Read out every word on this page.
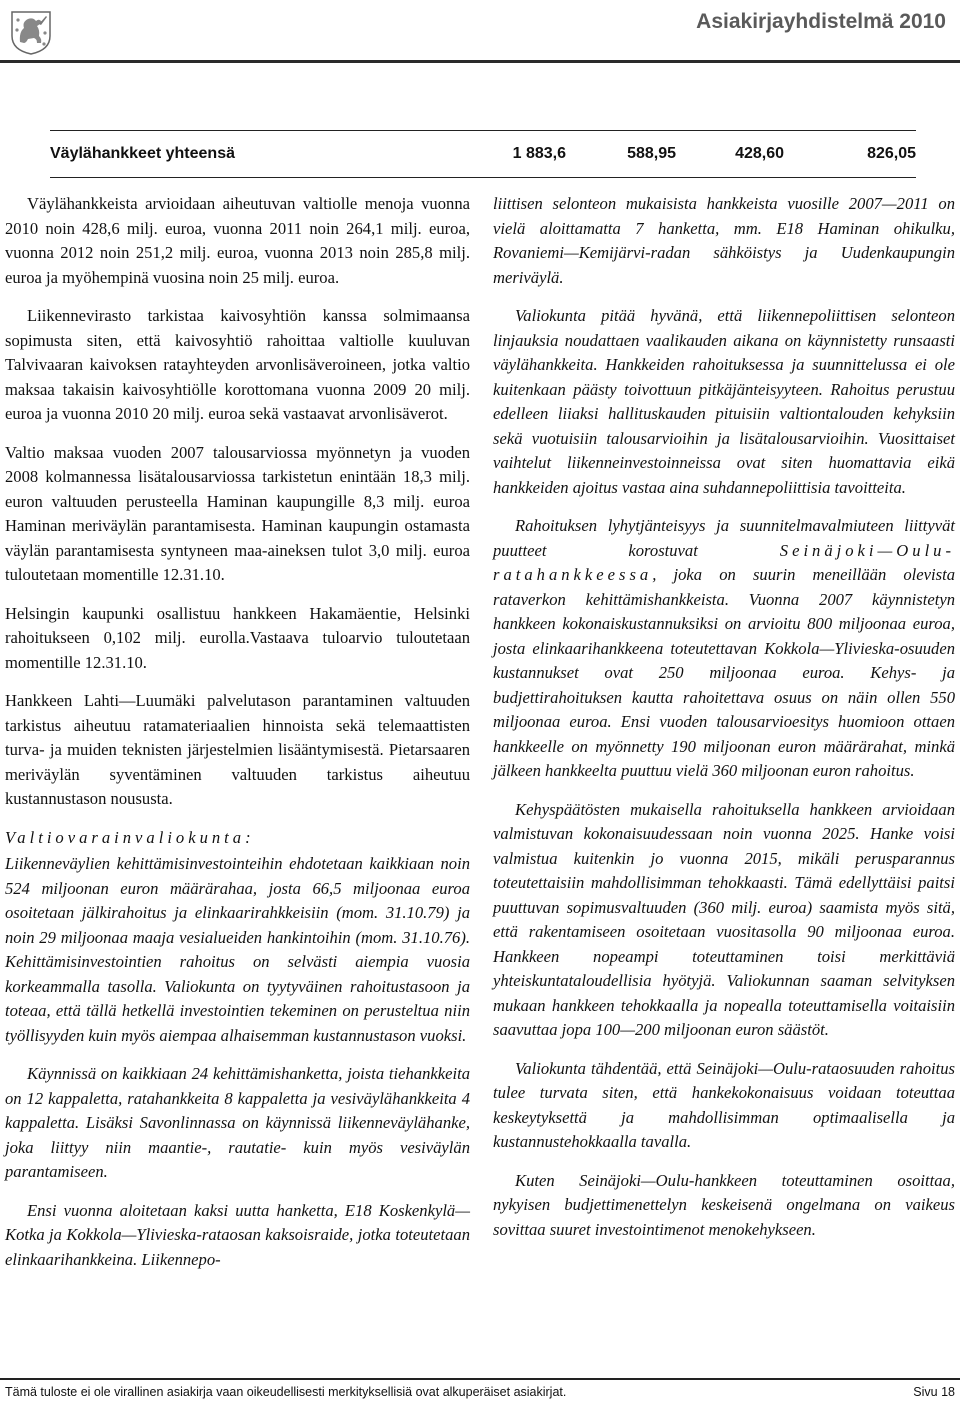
Asiakirjayhdistelmä 2010
Väylähankkeet yhteensä	1 883,6	588,95	428,60	826,05

Väylähankkeista arvioidaan aiheutuvan valtiolle menoja vuonna 2010 noin 428,6 milj. euroa, vuonna 2011 noin 264,1 milj. euroa, vuonna 2012 noin 251,2 milj. euroa, vuonna 2013 noin 285,8 milj. euroa ja myöhempinä vuosina noin 25 milj. euroa.

Liikennevirasto tarkistaa kaivosyhtiön kanssa solmimaansa sopimusta siten, että kaivosyhtiö rahoittaa valtiolle kuuluvan Talvivaaran kaivoksen ratayhteyden arvonlisäveroineen, jotka valtio maksaa takaisin kaivosyhtiölle korottomana vuonna 2009 20 milj. euroa ja vuonna 2010 20 milj. euroa sekä vastaavat arvonlisäverot.

Valtio maksaa vuoden 2007 talousarviossa myönnetyn ja vuoden 2008 kolmannessa lisätalousarviossa tarkistetun enintään 18,3 milj. euron valtuuden perusteella Haminan kaupungille 8,3 milj. euroa Haminan meriväylän parantamisesta. Haminan kaupungin ostamasta väylän parantamisesta syntyneen maa-aineksen tulot 3,0 milj. euroa tuloutetaan momentille 12.31.10.

Helsingin kaupunki osallistuu hankkeen Hakamäentie, Helsinki rahoitukseen 0,102 milj. eurolla.Vastaava tuloarvio tuloutetaan momentille 12.31.10.

Hankkeen Lahti—Luumäki palvelutason parantaminen valtuuden tarkistus aiheutuu ratamateriaalien hinnoista sekä telemaattisten turva- ja muiden teknisten järjestelmien lisääntymisestä. Pietarsaaren meriväylän syventäminen valtuuden tarkistus aiheutuu kustannustason noususta.

Valtiovarainvaliokunta:

Liikenneväylien kehittämisinvestointeihin ehdotetaan kaikkiaan noin 524 miljoonan euron määrärahaa, josta 66,5 miljoonaa euroa osoitetaan jälkirahoitus ja elinkaarirahkkeisiin (mom. 31.10.79) ja noin 29 miljoonaa maaja vesialueiden hankintoihin (mom. 31.10.76). Kehittämisinvestointien rahoitus on selvästi aiempia vuosia korkeammalla tasolla. Valiokunta on tyytyväinen rahoitustasoon ja toteaa, että tällä hetkellä investointien tekeminen on perusteltua niin työllisyyden kuin myös aiempaa alhaisemman kustannustason vuoksi.

Käynnissä on kaikkiaan 24 kehittämishanketta, joista tiehankkeita on 12 kappaletta, ratahankkeita 8 kappaletta ja vesiväylähankkeita 4 kappaletta. Lisäksi Savonlinnassa on käynnissä liikenneväylähanke, joka liittyy niin maantie-, rautatie- kuin myös vesiväylän parantamiseen.

Ensi vuonna aloitetaan kaksi uutta hanketta, E18 Koskenkylä—Kotka ja Kokkola—Ylivieska-rataosan kaksoisraide, jotka toteutetaan elinkaarihankkeina. Liikennepo-

liittisen selonteon mukaisista hankkeista vuosille 2007—2011 on vielä aloittamatta 7 hanketta, mm. E18 Haminan ohikulku, Rovaniemi—Kemijärvi-radan sähköistys ja Uudenkaupungin meriväylä.

Valiokunta pitää hyvänä, että liikennepoliittisen selonteon linjauksia noudattaen vaalikauden aikana on käynnistetty runsaasti väylähankkeita. Hankkeiden rahoituksessa ja suunnittelussa ei ole kuitenkaan päästy toivottuun pitkäjänteisyyteen. Rahoitus perustuu edelleen liiaksi hallituskauden pituisiin valtiontalouden kehyksiin sekä vuotuisiin talousarvioihin ja lisätalousarvioihin. Vuosittaiset vaihtelut liikenneinvestoinneissa ovat siten huomattavia eikä hankkeiden ajoitus vastaa aina suhdannepoliittisia tavoitteita.

Rahoituksen lyhytjänteisyys ja suunnitelmavalmiuteen liittyvät puutteet korostuvat Seinäjoki—Oulu-ratahankkeessa, joka on suurin meneillään olevista rataverkon kehittämishankkeista. Vuonna 2007 käynnistetyn hankkeen kokonaiskustannuksiksi on arvioitu 800 miljoonaa euroa, josta elinkaarihankkeena toteutettavan Kokkola—Ylivieska-osuuden kustannukset ovat 250 miljoonaa euroa. Kehys- ja budjettirahoituksen kautta rahoitettava osuus on näin ollen 550 miljoonaa euroa. Ensi vuoden talousarvioesitys huomioon ottaen hankkeelle on myönnetty 190 miljoonan euron määrärahat, minkä jälkeen hankkeelta puuttuu vielä 360 miljoonan euron rahoitus.

Kehyspäätösten mukaisella rahoituksella hankkeen arvioidaan valmistuvan kokonaisuudessaan noin vuonna 2025. Hanke voisi valmistua kuitenkin jo vuonna 2015, mikäli perusparannus toteutettaisiin mahdollisimman tehokkaasti. Tämä edellyttäisi paitsi puuttuvan sopimusvaltuuden (360 milj. euroa) saamista myös sitä, että rakentamiseen osoitetaan vuositasolla 90 miljoonaa euroa. Hankkeen nopeampi toteuttaminen toisi merkittäviä yhteiskuntataloudellisia hyötyjä. Valiokunnan saaman selvityksen mukaan hankkeen tehokkaalla ja nopealla toteuttamisella voitaisiin saavuttaa jopa 100—200 miljoonan euron säästöt.

Valiokunta tähdentää, että Seinäjoki—Oulu-rataosuuden rahoitus tulee turvata siten, että hankekokonaisuus voidaan toteuttaa keskeytyksettä ja mahdollisimman optimaalisella ja kustannustehokkaalla tavalla.

Kuten Seinäjoki—Oulu-hankkeen toteuttaminen osoittaa, nykyisen budjettimenettelyn keskeisenä ongelmana on vaikeus sovittaa suuret investointimenot menokehykseen.

Tämä tuloste ei ole virallinen asiakirja vaan oikeudellisesti merkityksellisiä ovat alkuperäiset asiakirjat.	Sivu 18
